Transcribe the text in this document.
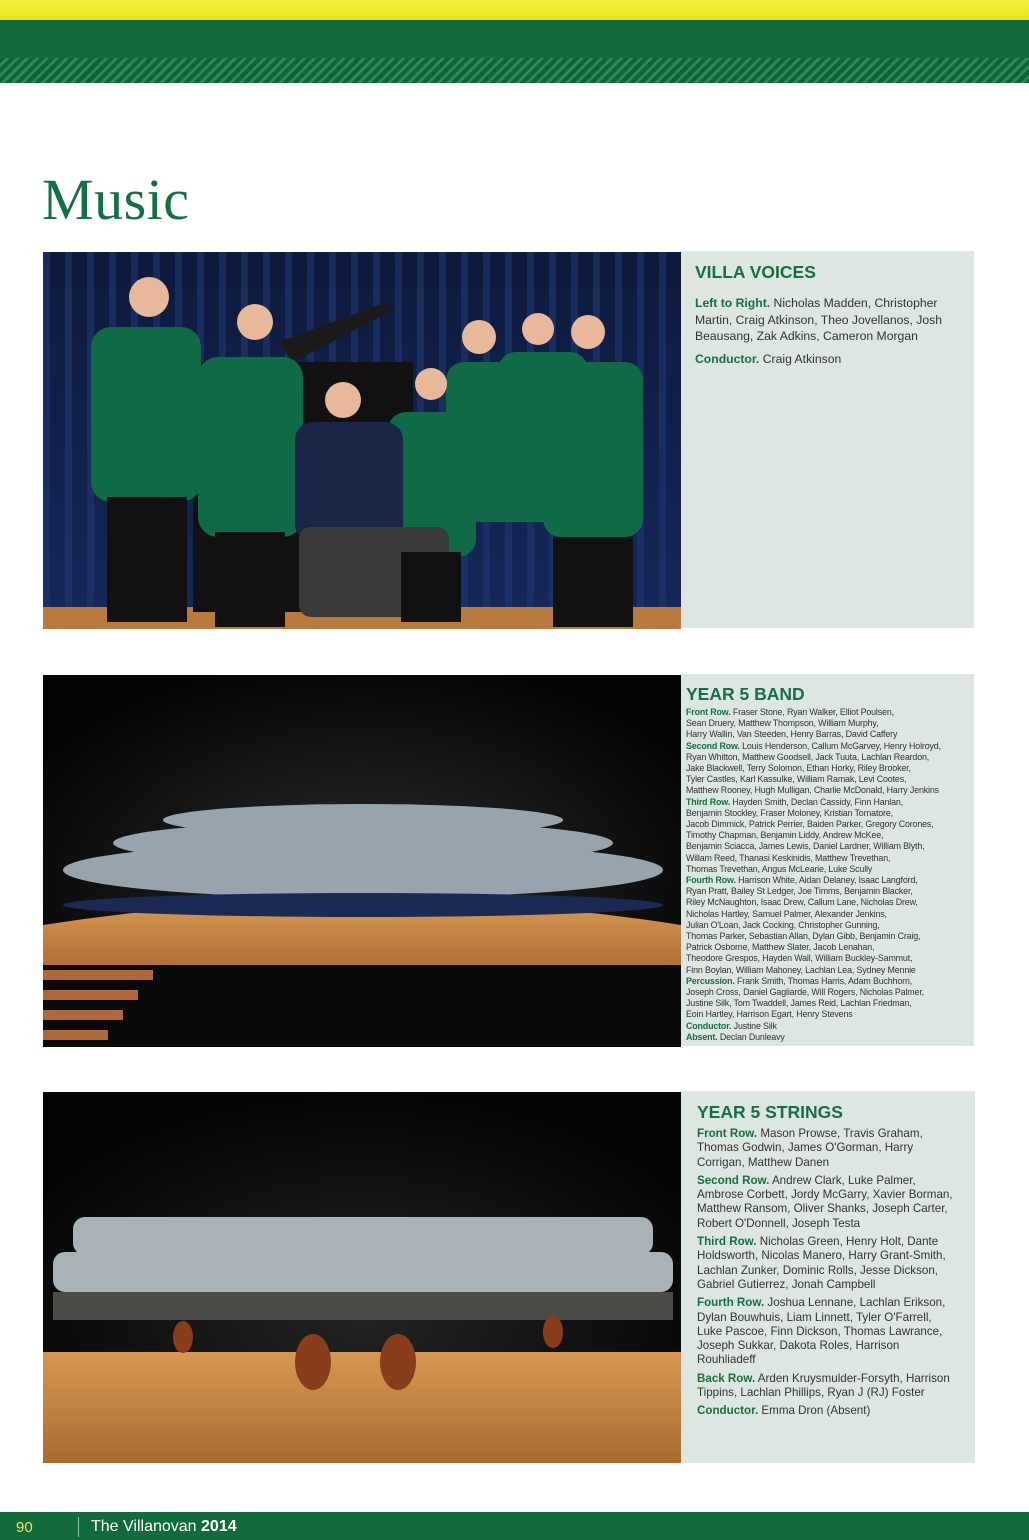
Music
VILLA VOICES

Left to Right. Nicholas Madden, Christopher Martin, Craig Atkinson, Theo Jovellanos, Josh Beausang, Zak Adkins, Cameron Morgan

Conductor. Craig Atkinson

YEAR 5 BAND

Front Row. Fraser Stone, Ryan Walker, Elliot Poulsen,

Sean Druery, Matthew Thompson, William Murphy,

Harry Wallin, Van Steeden, Henry Barras, David Caffery

Second Row. Louis Henderson, Callum McGarvey, Henry Holroyd,

Ryan Whitton, Matthew Goodsell, Jack Tuuta, Lachlan Reardon,

Jake Blackwell, Terry Solomon, Ethan Horky, Riley Brooker,

Tyler Castles, Karl Kassulke, William Ramak, Levi Cootes,

Matthew Rooney, Hugh Mulligan, Charlie McDonald, Harry Jenkins

Third Row. Hayden Smith, Declan Cassidy, Finn Hanlan,

Benjamin Stockley, Fraser Moloney, Kristian Tornatore,

Jacob Dimmick, Patrick Perrier, Baiden Parker, Gregory Corones,

Timothy Chapman, Benjamin Liddy, Andrew McKee,

Benjamin Sciacca, James Lewis, Daniel Lardner, William Blyth,

Willam Reed, Thanasi Keskinidis, Matthew Trevethan,

Thomas Trevethan, Angus McLearie, Luke Scully

Fourth Row. Harrison White, Aidan Delaney, Isaac Langford,

Ryan Pratt, Bailey St Ledger, Joe Timms, Benjamin Blacker,

Riley McNaughton, Isaac Drew, Callum Lane, Nicholas Drew,

Nicholas Hartley, Samuel Palmer, Alexander Jenkins,

Julian O'Loan, Jack Cocking, Christopher Gunning,

Thomas Parker, Sebastian Allan, Dylan Gibb, Benjamin Craig,

Patrick Osborne, Matthew Slater, Jacob Lenahan,

Theodore Grespos, Hayden Wall, William Buckley-Sammut,

Finn Boylan, William Mahoney, Lachlan Lea, Sydney Mennie

Percussion. Frank Smith, Thomas Harris, Adam Buchhorn,

Joseph Cross, Daniel Gagliarde, Will Rogers, Nicholas Palmer,

Justine Silk, Tom Twaddell, James Reid, Lachlan Friedman,

Eoin Hartley, Harrison Egart, Henry Stevens

Conductor. Justine Silk

Absent. Declan Dunleavy

YEAR 5 STRINGS

Front Row. Mason Prowse, Travis Graham, Thomas Godwin, James O'Gorman, Harry Corrigan, Matthew Danen

Second Row. Andrew Clark, Luke Palmer, Ambrose Corbett, Jordy McGarry, Xavier Borman, Matthew Ransom, Oliver Shanks, Joseph Carter, Robert O'Donnell, Joseph Testa

Third Row. Nicholas Green, Henry Holt, Dante Holdsworth, Nicolas Manero, Harry Grant-Smith, Lachlan Zunker, Dominic Rolls, Jesse Dickson, Gabriel Gutierrez, Jonah Campbell

Fourth Row. Joshua Lennane, Lachlan Erikson, Dylan Bouwhuis, Liam Linnett, Tyler O'Farrell, Luke Pascoe, Finn Dickson, Thomas Lawrance, Joseph Sukkar, Dakota Roles, Harrison Rouhliadeff

Back Row. Arden Kruysmulder-Forsyth, Harrison Tippins, Lachlan Phillips, Ryan J (RJ) Foster

Conductor. Emma Dron (Absent)

90	The Villanovan 2014
